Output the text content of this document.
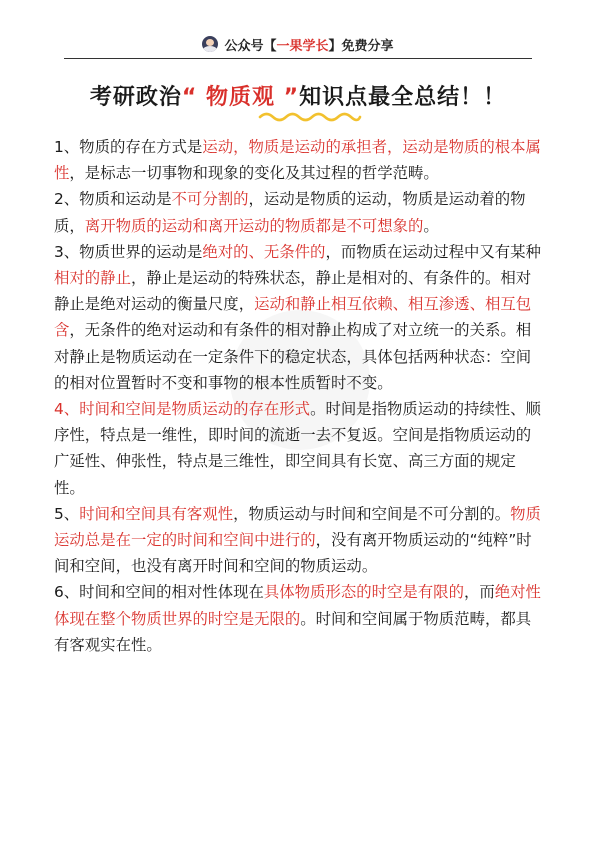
公众号 【 一果学长 】 免费分享
考研政治“ 物质观 ”知识点最全总结！！

1、物质的存在方式是运动，物质是运动的承担者，运动是物质的根本属性，是标志一切事物和现象的变化及其过程的哲学范畴。

2、物质和运动是不可分割的，运动是物质的运动，物质是运动着的物质，离开物质的运动和离开运动的物质都是不可想象的。

3、物质世界的运动是绝对的、无条件的，而物质在运动过程中又有某种相对的静止，静止是运动的特殊状态，静止是相对的、有条件的。相对静止是绝对运动的衡量尺度，运动和静止相互依赖、相互渗透、相互包含，无条件的绝对运动和有条件的相对静止构成了对立统一的关系。相对静止是物质运动在一定条件下的稳定状态，具体包括两种状态：空间的相对位置暂时不变和事物的根本性质暂时不变。

4、时间和空间是物质运动的存在形式。时间是指物质运动的持续性、顺序性，特点是一维性，即时间的流逝一去不复返。空间是指物质运动的广延性、伸张性，特点是三维性，即空间具有长宽、高三方面的规定性。

5、时间和空间具有客观性，物质运动与时间和空间是不可分割的。物质运动总是在一定的时间和空间中进行的，没有离开物质运动的“纯粹”时间和空间，也没有离开时间和空间的物质运动。

6、时间和空间的相对性体现在具体物质形态的时空是有限的，而绝对性体现在整个物质世界的时空是无限的。时间和空间属于物质范畴，都具有客观实在性。
